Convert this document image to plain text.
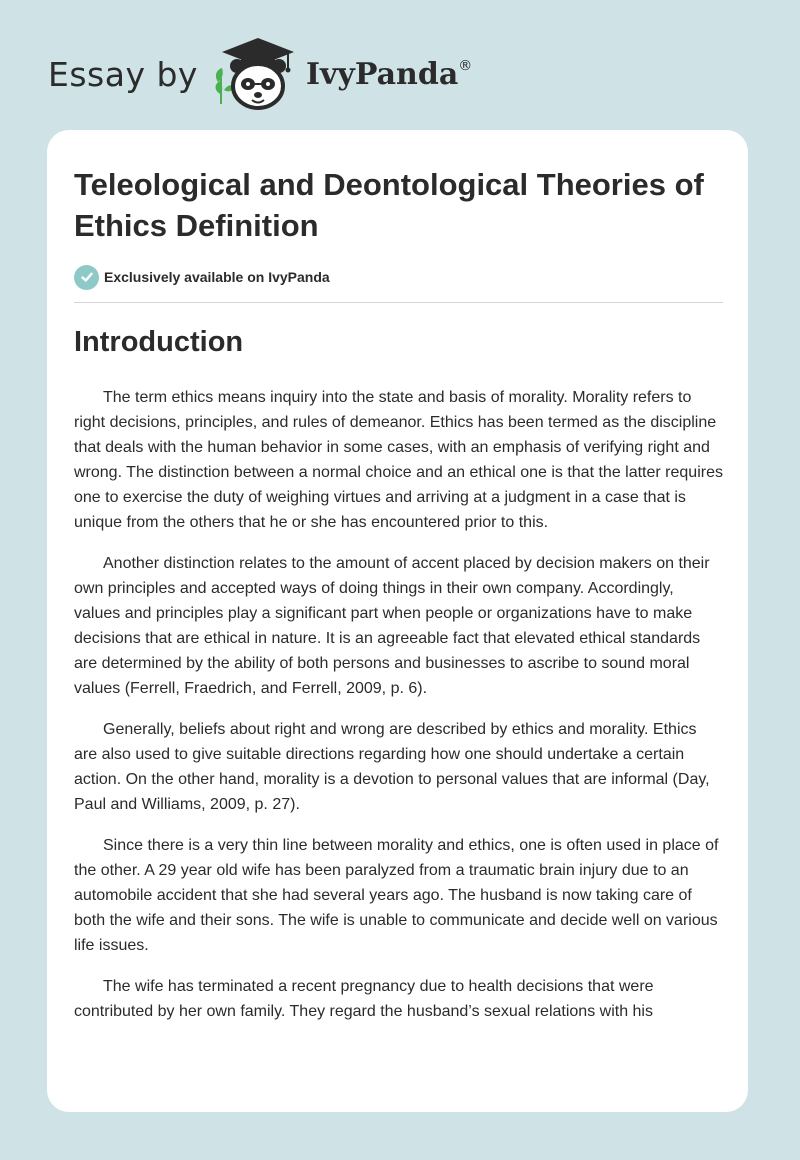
Essay by	IvyPanda®
Teleological and Deontological Theories of Ethics Definition
Exclusively available on IvyPanda
Introduction

The term ethics means inquiry into the state and basis of morality. Morality refers to right decisions, principles, and rules of demeanor. Ethics has been termed as the discipline that deals with the human behavior in some cases, with an emphasis of verifying right and wrong. The distinction between a normal choice and an ethical one is that the latter requires one to exercise the duty of weighing virtues and arriving at a judgment in a case that is unique from the others that he or she has encountered prior to this.

Another distinction relates to the amount of accent placed by decision makers on their own principles and accepted ways of doing things in their own company. Accordingly, values and principles play a significant part when people or organizations have to make decisions that are ethical in nature. It is an agreeable fact that elevated ethical standards are determined by the ability of both persons and businesses to ascribe to sound moral values (Ferrell, Fraedrich, and Ferrell, 2009, p. 6).

Generally, beliefs about right and wrong are described by ethics and morality. Ethics are also used to give suitable directions regarding how one should undertake a certain action. On the other hand, morality is a devotion to personal values that are informal (Day, Paul and Williams, 2009, p. 27).

Since there is a very thin line between morality and ethics, one is often used in place of the other. A 29 year old wife has been paralyzed from a traumatic brain injury due to an automobile accident that she had several years ago. The husband is now taking care of both the wife and their sons. The wife is unable to communicate and decide well on various life issues.

The wife has terminated a recent pregnancy due to health decisions that were contributed by her own family. They regard the husband’s sexual relations with his
